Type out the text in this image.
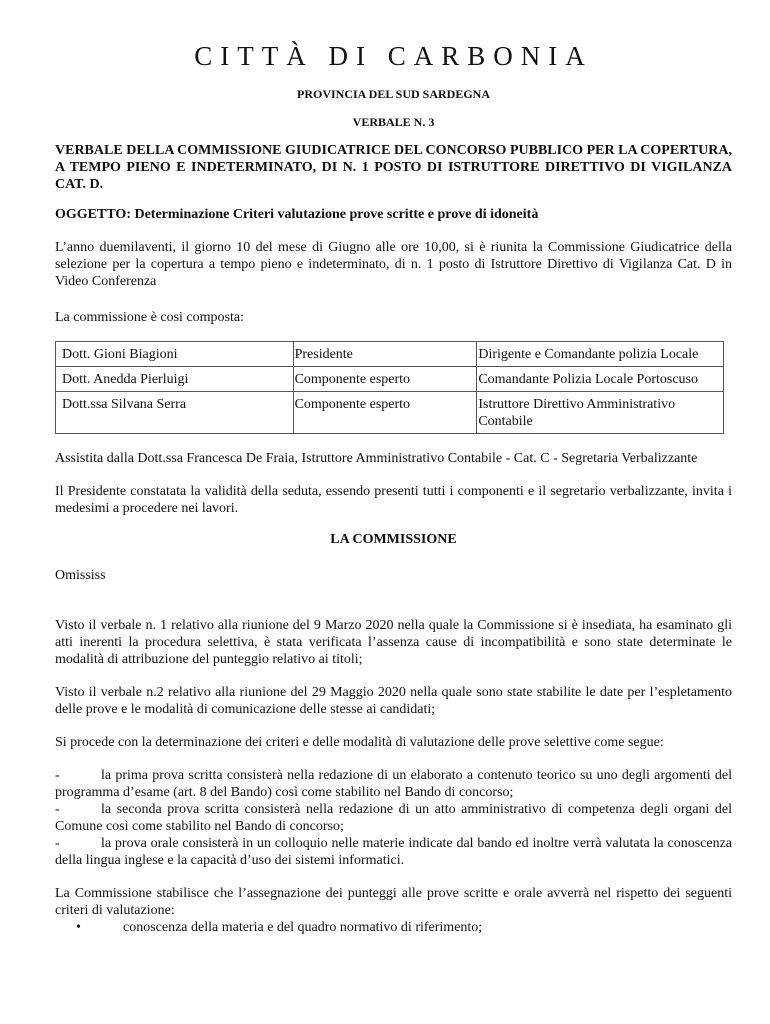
CITTÀ DI CARBONIA
PROVINCIA DEL SUD SARDEGNA
VERBALE N. 3
VERBALE DELLA COMMISSIONE GIUDICATRICE DEL CONCORSO PUBBLICO PER LA COPERTURA, A TEMPO PIENO E INDETERMINATO, DI N. 1 POSTO DI ISTRUTTORE DIRETTIVO DI VIGILANZA CAT. D.
OGGETTO: Determinazione Criteri valutazione prove scritte e prove di idoneità

L’anno duemilaventi, il giorno 10 del mese di Giugno alle ore 10,00, si è riunita la Commissione Giudicatrice della selezione per la copertura a tempo pieno e indeterminato, di n. 1 posto di Istruttore Direttivo di Vigilanza Cat. D in Video Conferenza

La commissione è cosi composta:

Dott. Gioni Biagioni	Presidente	Dirigente e Comandante polizia Locale
Dott. Anedda Pierluigi	Componente esperto	Comandante Polizia Locale Portoscuso
Dott.ssa Silvana Serra	Componente esperto	Istruttore Direttivo Amministrativo Contabile

Assistita dalla Dott.ssa Francesca De Fraia, Istruttore Amministrativo Contabile - Cat. C - Segretaria Verbalizzante

Il Presidente constatata la validità della seduta, essendo presenti tutti i componenti e il segretario verbalizzante, invita i medesimi a procedere nei lavori.

LA COMMISSIONE

Omississ

Visto il verbale n. 1 relativo alla riunione del 9 Marzo 2020 nella quale la Commissione si è insediata, ha esaminato gli atti inerenti la procedura selettiva, è stata verificata l’assenza cause di incompatibilità e sono state determinate le modalità di attribuzione del punteggio relativo ai titoli;

Visto il verbale n.2 relativo alla riunione del 29 Maggio 2020 nella quale sono state stabilite le date per l’espletamento delle prove e le modalità di comunicazione delle stesse ai candidati;

Si procede con la determinazione dei criteri e delle modalità di valutazione delle prove selettive come segue:

-	la prima prova scritta consisterà nella redazione di un elaborato a contenuto teorico su uno degli argomenti del programma d’esame (art. 8 del Bando) così come stabilito nel Bando di concorso;
-	la seconda prova scritta consisterà nella redazione di un atto amministrativo di competenza degli organi del Comune così come stabilito nel Bando di concorso;
-	la prova orale consisterà in un colloquio nelle materie indicate dal bando ed inoltre verrà valutata la conoscenza della lingua inglese e la capacità d’uso dei sistemi informatici.

La Commissione stabilisce che l’assegnazione dei punteggi alle prove scritte e orale avverrà nel rispetto dei seguenti criteri di valutazione:

•	conoscenza della materia e del quadro normativo di riferimento;
